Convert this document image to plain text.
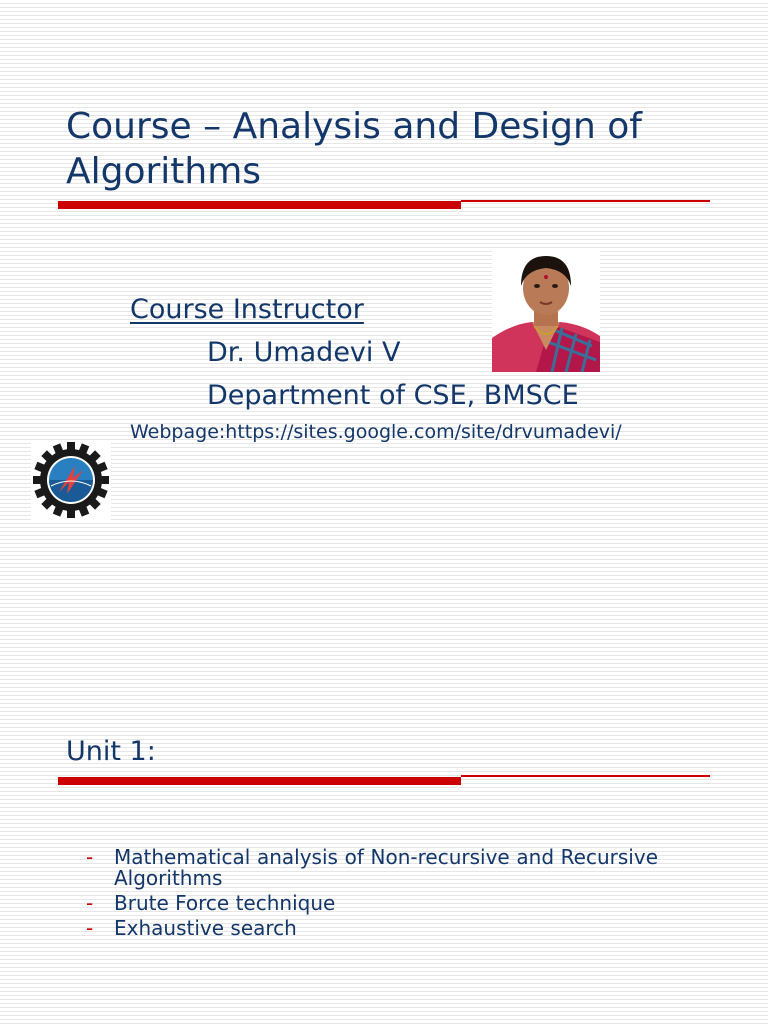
Course – Analysis and Design of Algorithms
Course Instructor
Dr. Umadevi V
Department of CSE, BMSCE
Webpage:https://sites.google.com/site/drvumadevi/
Unit 1:
- Mathematical analysis of Non-recursive and Recursive Algorithms
- Brute Force technique
- Exhaustive search
